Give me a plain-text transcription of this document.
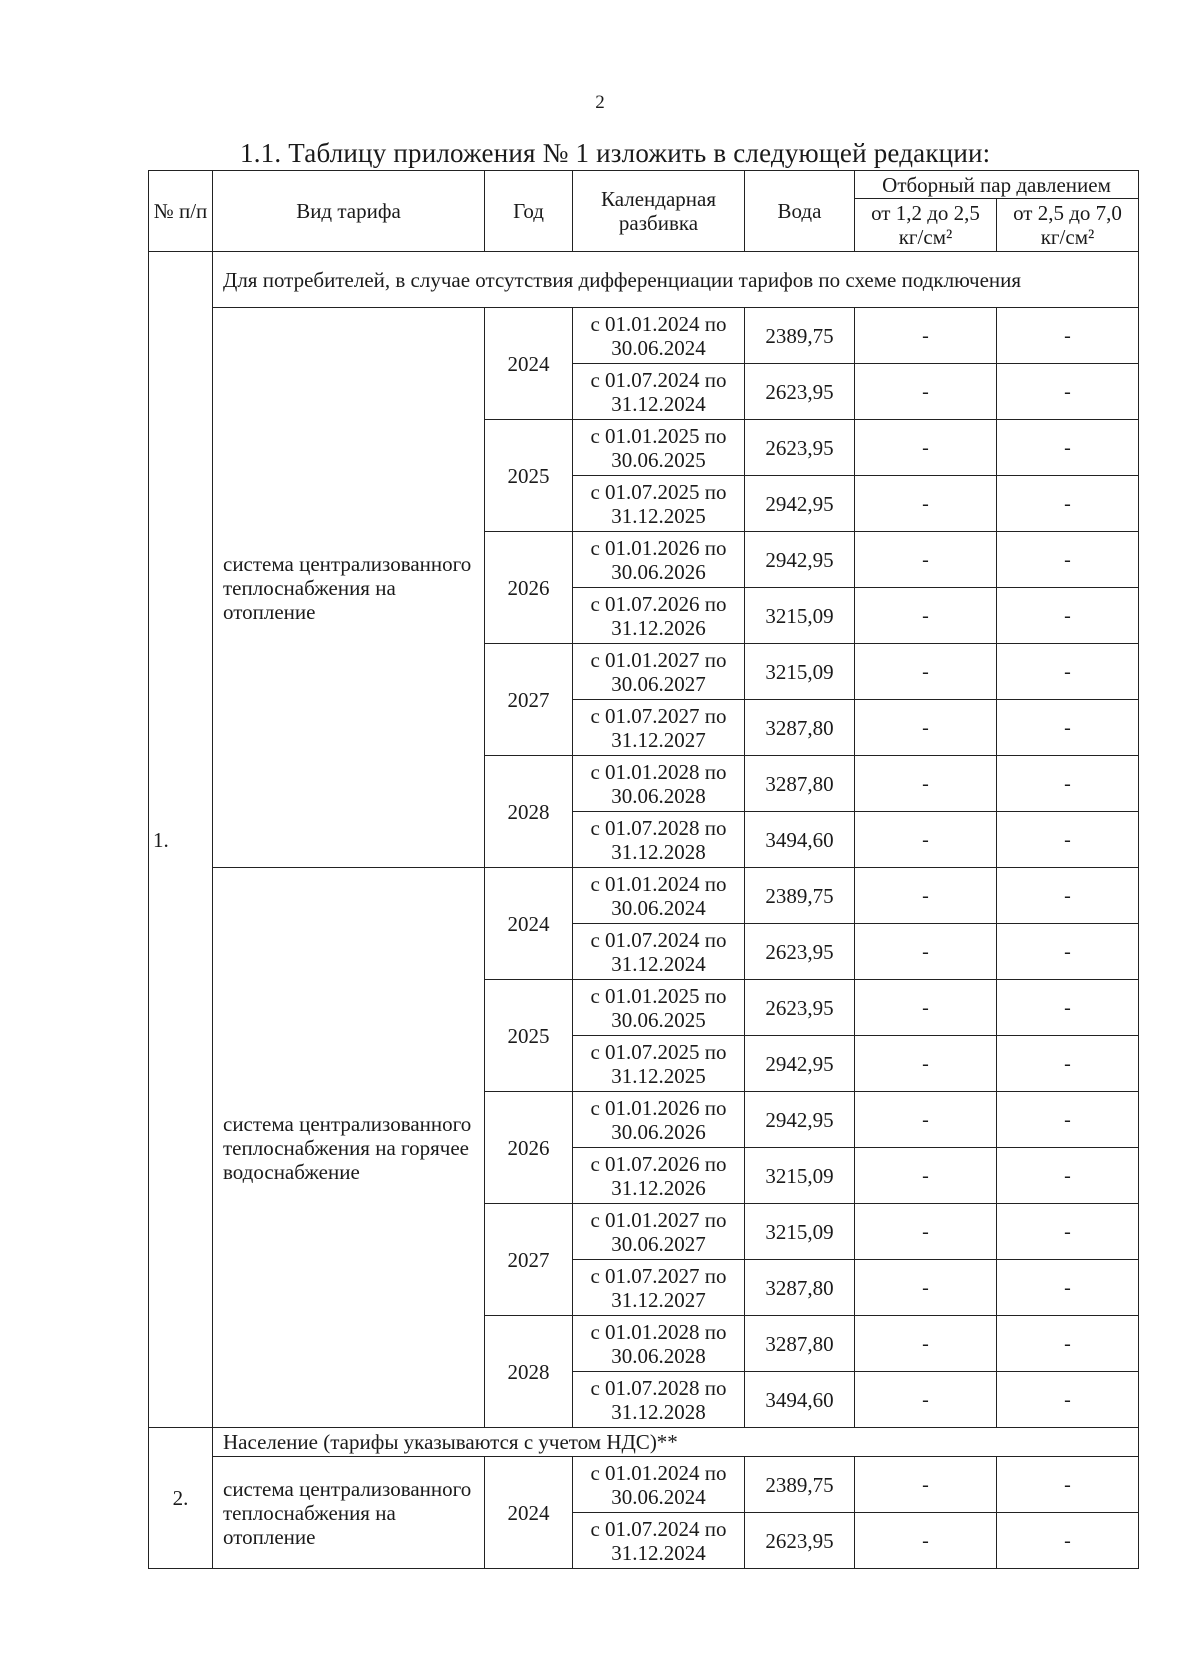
2
1.1. Таблицу приложения № 1 изложить в следующей редакции:
№ п/п	Вид тарифа	Год	Календарная разбивка	Вода	Отборный пар давлением	
					от 1,2 до 2,5 кг/см²	от 2,5 до 7,0 кг/см²
1.	Для потребителей, в случае отсутствия дифференциации тарифов по схеме подключения					
	система централизованного теплоснабжения на отопление	2024	с 01.01.2024 по 30.06.2024	2389,75	-	-
			с 01.07.2024 по 31.12.2024	2623,95	-	-
		2025	с 01.01.2025 по 30.06.2025	2623,95	-	-
			с 01.07.2025 по 31.12.2025	2942,95	-	-
		2026	с 01.01.2026 по 30.06.2026	2942,95	-	-
			с 01.07.2026 по 31.12.2026	3215,09	-	-
		2027	с 01.01.2027 по 30.06.2027	3215,09	-	-
			с 01.07.2027 по 31.12.2027	3287,80	-	-
		2028	с 01.01.2028 по 30.06.2028	3287,80	-	-
			с 01.07.2028 по 31.12.2028	3494,60	-	-
	система централизованного теплоснабжения на горячее водоснабжение	2024	с 01.01.2024 по 30.06.2024	2389,75	-	-
			с 01.07.2024 по 31.12.2024	2623,95	-	-
		2025	с 01.01.2025 по 30.06.2025	2623,95	-	-
			с 01.07.2025 по 31.12.2025	2942,95	-	-
		2026	с 01.01.2026 по 30.06.2026	2942,95	-	-
			с 01.07.2026 по 31.12.2026	3215,09	-	-
		2027	с 01.01.2027 по 30.06.2027	3215,09	-	-
			с 01.07.2027 по 31.12.2027	3287,80	-	-
		2028	с 01.01.2028 по 30.06.2028	3287,80	-	-
			с 01.07.2028 по 31.12.2028	3494,60	-	-
2.	Население (тарифы указываются с учетом НДС)**					
	система централизованного теплоснабжения на отопление	2024	с 01.01.2024 по 30.06.2024	2389,75	-	-
			с 01.07.2024 по 31.12.2024	2623,95	-	-
